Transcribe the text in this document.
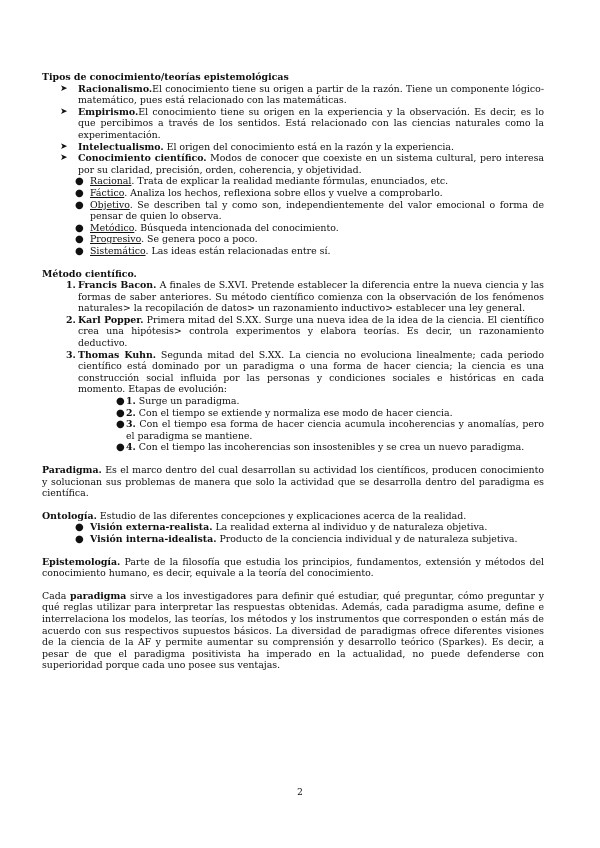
Tipos de conocimiento/teorías epistemológicas

➤ Racionalismo.El conocimiento tiene su origen a partir de la razón. Tiene un componente lógico-matemático, pues está relacionado con las matemáticas.
➤ Empirismo.El conocimiento tiene su origen en la experiencia y la observación. Es decir, es lo que percibimos a través de los sentidos. Está relacionado con las ciencias naturales como la experimentación.
➤ Intelectualismo. El origen del conocimiento está en la razón y la experiencia.
➤ Conocimiento científico. Modos de conocer que coexiste en un sistema cultural, pero interesa por su claridad, precisión, orden, coherencia, y objetividad.
● Racional. Trata de explicar la realidad mediante fórmulas, enunciados, etc.
● Fáctico. Analiza los hechos, reflexiona sobre ellos y vuelve a comprobarlo.
● Objetivo. Se describen tal y como son, independientemente del valor emocional o forma de pensar de quien lo observa.
● Metódico. Búsqueda intencionada del conocimiento.
● Progresivo. Se genera poco a poco.
● Sistemático. Las ideas están relacionadas entre sí.

Método científico.

1. Francis Bacon. A finales de S.XVI. Pretende establecer la diferencia entre la nueva ciencia y las formas de saber anteriores. Su método científico comienza con la observación de los fenómenos naturales> la recopilación de datos> un razonamiento inductivo> establecer una ley general.
2. Karl Popper. Primera mitad del S.XX. Surge una nueva idea de la idea de la ciencia. El científico crea una hipótesis> controla experimentos y elabora teorías. Es decir, un razonamiento deductivo.
3. Thomas Kuhn. Segunda mitad del S.XX. La ciencia no evoluciona linealmente; cada periodo científico está dominado por un paradigma o una forma de hacer ciencia; la ciencia es una construcción social influida por las personas y condiciones sociales e históricas en cada momento. Etapas de evolución:
● 1. Surge un paradigma.
● 2. Con el tiempo se extiende y normaliza ese modo de hacer ciencia.
● 3. Con el tiempo esa forma de hacer ciencia acumula incoherencias y anomalías, pero el paradigma se mantiene.
● 4. Con el tiempo las incoherencias son insostenibles y se crea un nuevo paradigma.

Paradigma. Es el marco dentro del cual desarrollan su actividad los científicos, producen conocimiento y solucionan sus problemas de manera que solo la actividad que se desarrolla dentro del paradigma es científica.

Ontología. Estudio de las diferentes concepciones y explicaciones acerca de la realidad.

● Visión externa-realista. La realidad externa al individuo y de naturaleza objetiva.
● Visión interna-idealista. Producto de la conciencia individual y de naturaleza subjetiva.

Epistemología. Parte de la filosofía que estudia los principios, fundamentos, extensión y métodos del conocimiento humano, es decir, equivale a la teoría del conocimiento.

Cada paradigma sirve a los investigadores para definir qué estudiar, qué preguntar, cómo preguntar y qué reglas utilizar para interpretar las respuestas obtenidas. Además, cada paradigma asume, define e interrelaciona los modelos, las teorías, los métodos y los instrumentos que corresponden o están más de acuerdo con sus respectivos supuestos básicos. La diversidad de paradigmas ofrece diferentes visiones de la ciencia de la AF y permite aumentar su comprensión y desarrollo teórico (Sparkes). Es decir, a pesar de que el paradigma positivista ha imperado en la actualidad, no puede defenderse con superioridad porque cada uno posee sus ventajas.

2
